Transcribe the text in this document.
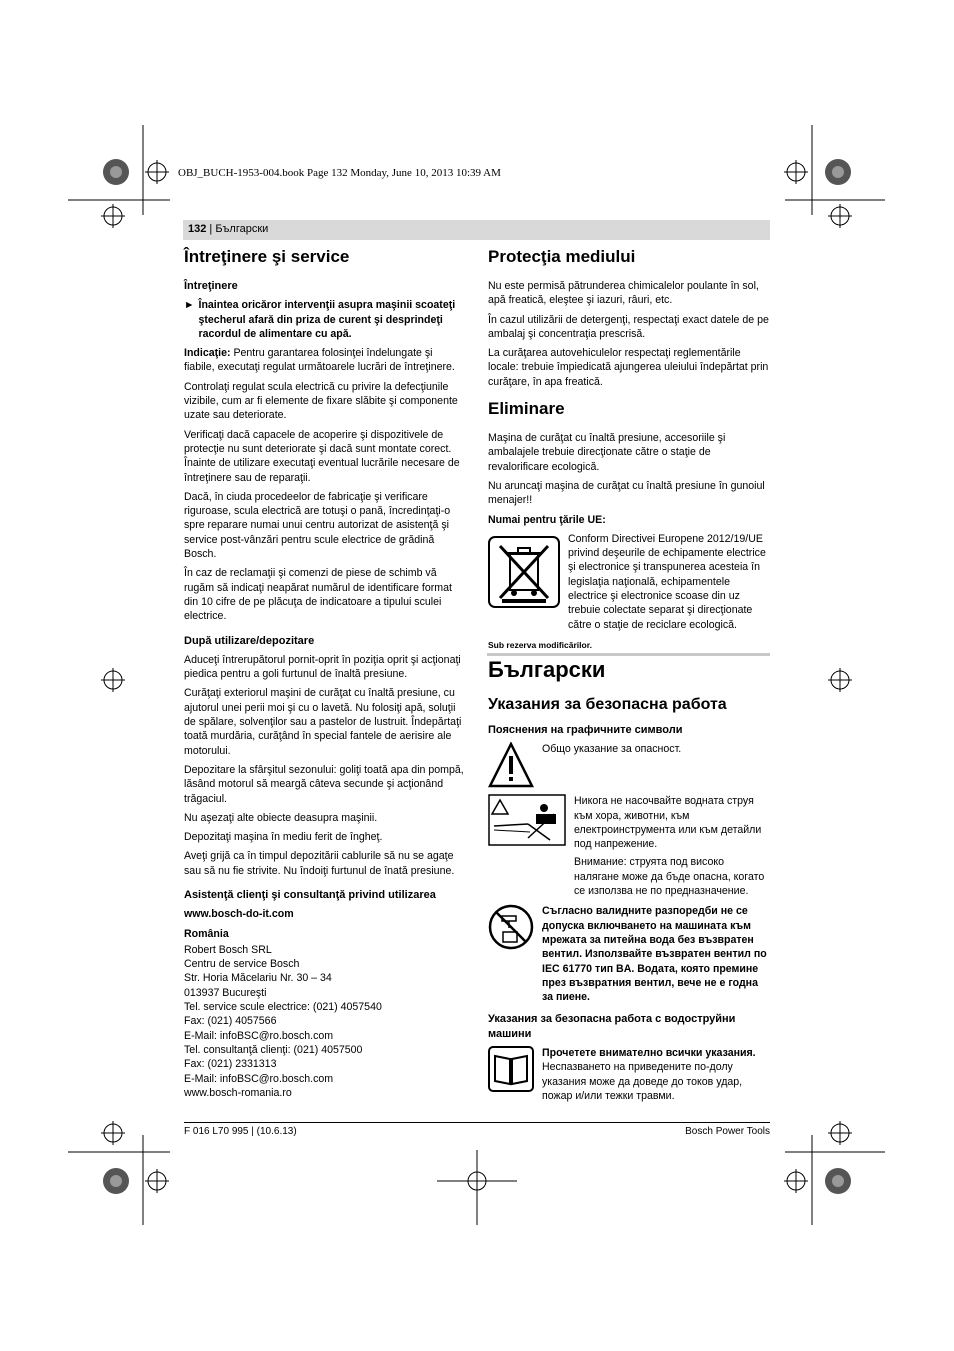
OBJ_BUCH-1953-004.book Page 132 Monday, June 10, 2013 10:39 AM
132 | Български
Întreţinere şi service
Întreţinere
► Înaintea oricăror intervenţii asupra maşinii scoateţi ştecherul afară din priza de curent şi desprindeţi racordul de alimentare cu apă.

Indicaţie: Pentru garantarea folosinţei îndelungate şi fiabile, executaţi regulat următoarele lucrări de întreţinere.

Controlaţi regulat scula electrică cu privire la defecţiunile vizibile, cum ar fi elemente de fixare slăbite şi componente uzate sau deteriorate.

Verificaţi dacă capacele de acoperire şi dispozitivele de protecţie nu sunt deteriorate şi dacă sunt montate corect. Înainte de utilizare executaţi eventual lucrările necesare de întreţinere sau de reparaţii.

Dacă, în ciuda procedeelor de fabricaţie şi verificare riguroase, scula electrică are totuşi o pană, încredinţaţi-o spre reparare numai unui centru autorizat de asistenţă şi service post-vânzări pentru scule electrice de grădină Bosch.

În caz de reclamaţii şi comenzi de piese de schimb vă rugăm să indicaţi neapărat numărul de identificare format din 10 cifre de pe plăcuţa de indicatoare a tipului sculei electrice.

După utilizare/depozitare

Aduceţi întrerupătorul pornit-oprit în poziţia oprit şi acţionaţi piedica pentru a goli furtunul de înaltă presiune.

Curăţaţi exteriorul maşini de curăţat cu înaltă presiune, cu ajutorul unei perii moi şi cu o lavetă. Nu folosiţi apă, soluţii de spălare, solvenţilor sau a pastelor de lustruit. Îndepărtaţi toată murdăria, curăţând în special fantele de aerisire ale motorului.

Depozitare la sfârşitul sezonului: goliţi toată apa din pompă, lăsând motorul să meargă câteva secunde şi acţionând trăgaciul.

Nu aşezaţi alte obiecte deasupra maşinii.

Depozitaţi maşina în mediu ferit de îngheţ.

Aveţi grijă ca în timpul depozitării cablurile să nu se agaţe sau să nu fie strivite. Nu îndoiţi furtunul de înată presiune.

Asistenţă clienţi şi consultanţă privind utilizarea

www.bosch-do-it.com

România

Robert Bosch SRL
Centru de service Bosch
Str. Horia Măcelariu Nr. 30 – 34
013937 Bucureşti
Tel. service scule electrice: (021) 4057540
Fax: (021) 4057566
E-Mail: infoBSC@ro.bosch.com
Tel. consultanţă clienţi: (021) 4057500
Fax: (021) 2331313
E-Mail: infoBSC@ro.bosch.com
www.bosch-romania.ro
Protecţia mediului

Nu este permisă pătrunderea chimicalelor poulante în sol, apă freatică, eleştee şi iazuri, râuri, etc.

În cazul utilizării de detergenţi, respectaţi exact datele de pe ambalaj şi concentraţia prescrisă.

La curăţarea autovehiculelor respectaţi reglementările locale: trebuie împiedicată ajungerea uleiului îndepărtat prin curăţare, în apa freatică.

Eliminare

Maşina de curăţat cu înaltă presiune, accesoriile şi ambalajele trebuie direcţionate către o staţie de revalorificare ecologică.

Nu aruncaţi maşina de curăţat cu înaltă presiune în gunoiul menajer!!

Numai pentru ţările UE:

Conform Directivei Europene 2012/19/UE privind deşeurile de echipamente electrice şi electronice şi transpunerea acesteia în legislaţia naţională, echipamentele electrice şi electronice scoase din uz trebuie colectate separat şi direcţionate către o staţie de reciclare ecologică.

Sub rezerva modificărilor.

Български
Указания за безопасна работа
Пояснения на графичните символи
Общо указание за опасност.
Никога не насочвайте водната струя към хора, животни, към електроинструмента или към детайли под напрежение.
Внимание: струята под високо налягане може да бъде опасна, когато се използва не по предназначение.
Съгласно валидните разпоредби не се допуска включването на машината към мрежата за питейна вода без възвратен вентил. Използвайте възвратен вентил по IEC 61770 тип BA. Водата, която премине през възвратния вентил, вече не е годна за пиене.
Указания за безопасна работа с водоструйни машини
Прочетете внимателно всички указания.
Неспазването на приведените по-долу указания може да доведе до токов удар, пожар и/или тежки травми.
F 016 L70 995 | (10.6.13)	Bosch Power Tools
